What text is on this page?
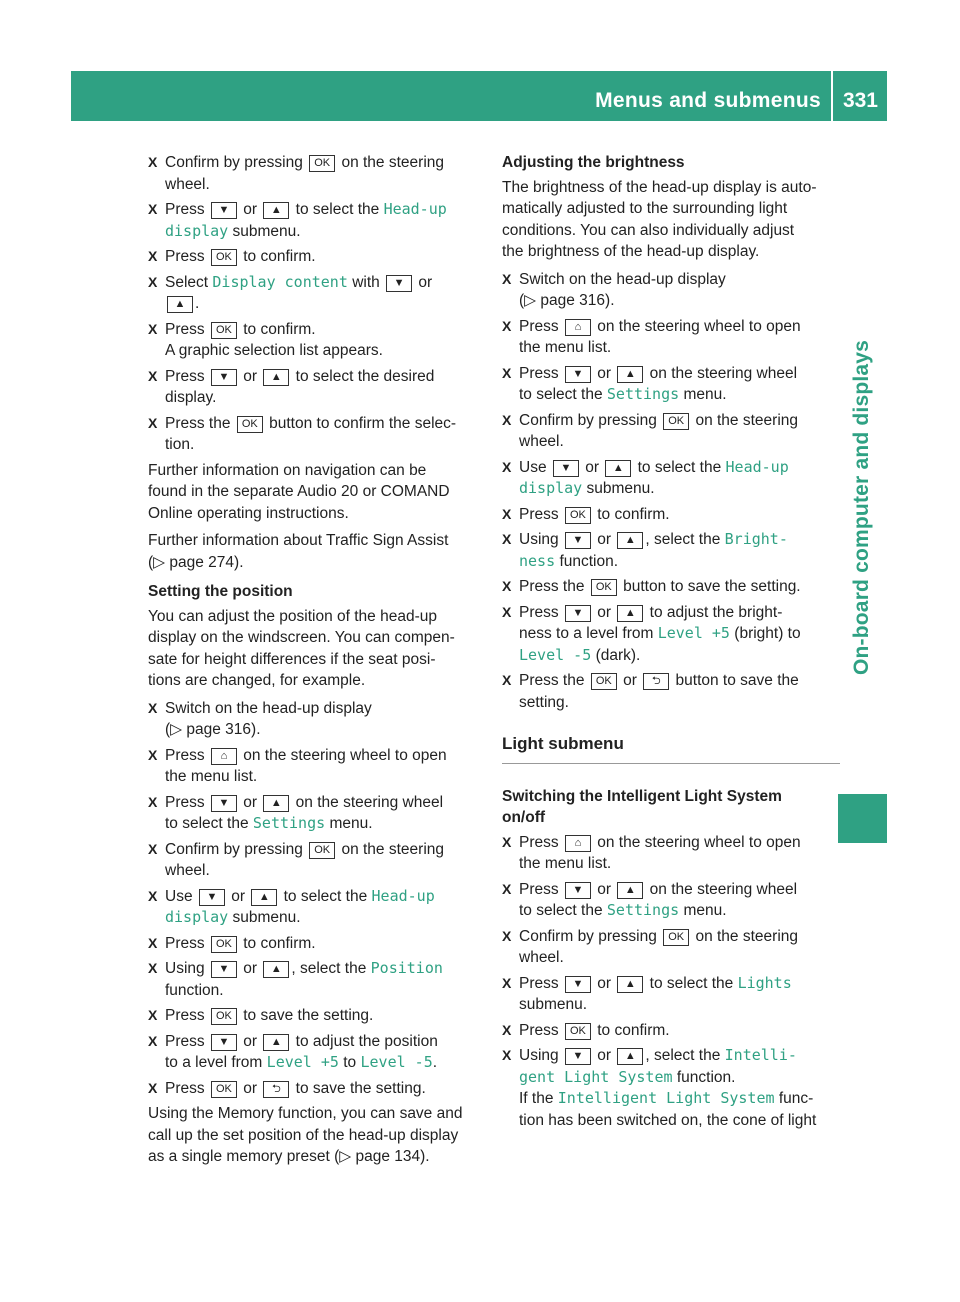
Menus and submenus 331
On-board computer and displays
X Confirm by pressing OK on the steering
wheel.
X Press ▼ or ▲ to select the Head-up
display submenu.
X Press OK to confirm.
X Select Display content with ▼ or
▲ .
X Press OK to confirm.
A graphic selection list appears.
X Press ▼ or ▲ to select the desired
display.
X Press the OK button to confirm the selec-
tion.

Further information on navigation can be
found in the separate Audio 20 or COMAND
Online operating instructions.

Further information about Traffic Sign Assist
(▷ page 274).

Setting the position

You can adjust the position of the head-up
display on the windscreen. You can compen-
sate for height differences if the seat posi-
tions are changed, for example.

X Switch on the head-up display
(▷ page 316).
X Press ⌂ on the steering wheel to open
the menu list.
X Press ▼ or ▲ on the steering wheel
to select the Settings menu.
X Confirm by pressing OK on the steering
wheel.
X Use ▼ or ▲ to select the Head-up
display submenu.
X Press OK to confirm.
X Using ▼ or ▲ , select the Position
function.
X Press OK to save the setting.
X Press ▼ or ▲ to adjust the position
to a level from Level +5 to Level -5.
X Press OK or ⮌ to save the setting.

Using the Memory function, you can save and
call up the set position of the head-up display
as a single memory preset (▷ page 134).

Adjusting the brightness

The brightness of the head-up display is auto-
matically adjusted to the surrounding light
conditions. You can also individually adjust
the brightness of the head-up display.

X Switch on the head-up display
(▷ page 316).
X Press ⌂ on the steering wheel to open
the menu list.
X Press ▼ or ▲ on the steering wheel
to select the Settings menu.
X Confirm by pressing OK on the steering
wheel.
X Use ▼ or ▲ to select the Head-up
display submenu.
X Press OK to confirm.
X Using ▼ or ▲ , select the Bright‐
ness function.
X Press the OK button to save the setting.
X Press ▼ or ▲ to adjust the bright-
ness to a level from Level +5 (bright) to
Level -5 (dark).
X Press the OK or ⮌ button to save the
setting.
Light submenu
Switching the Intelligent Light System
on/off
X Press ⌂ on the steering wheel to open
the menu list.
X Press ▼ or ▲ on the steering wheel
to select the Settings menu.
X Confirm by pressing OK on the steering
wheel.
X Press ▼ or ▲ to select the Lights
submenu.
X Press OK to confirm.
X Using ▼ or ▲ , select the Intelli‐
gent Light System function.
If the Intelligent Light System func-
tion has been switched on, the cone of light
